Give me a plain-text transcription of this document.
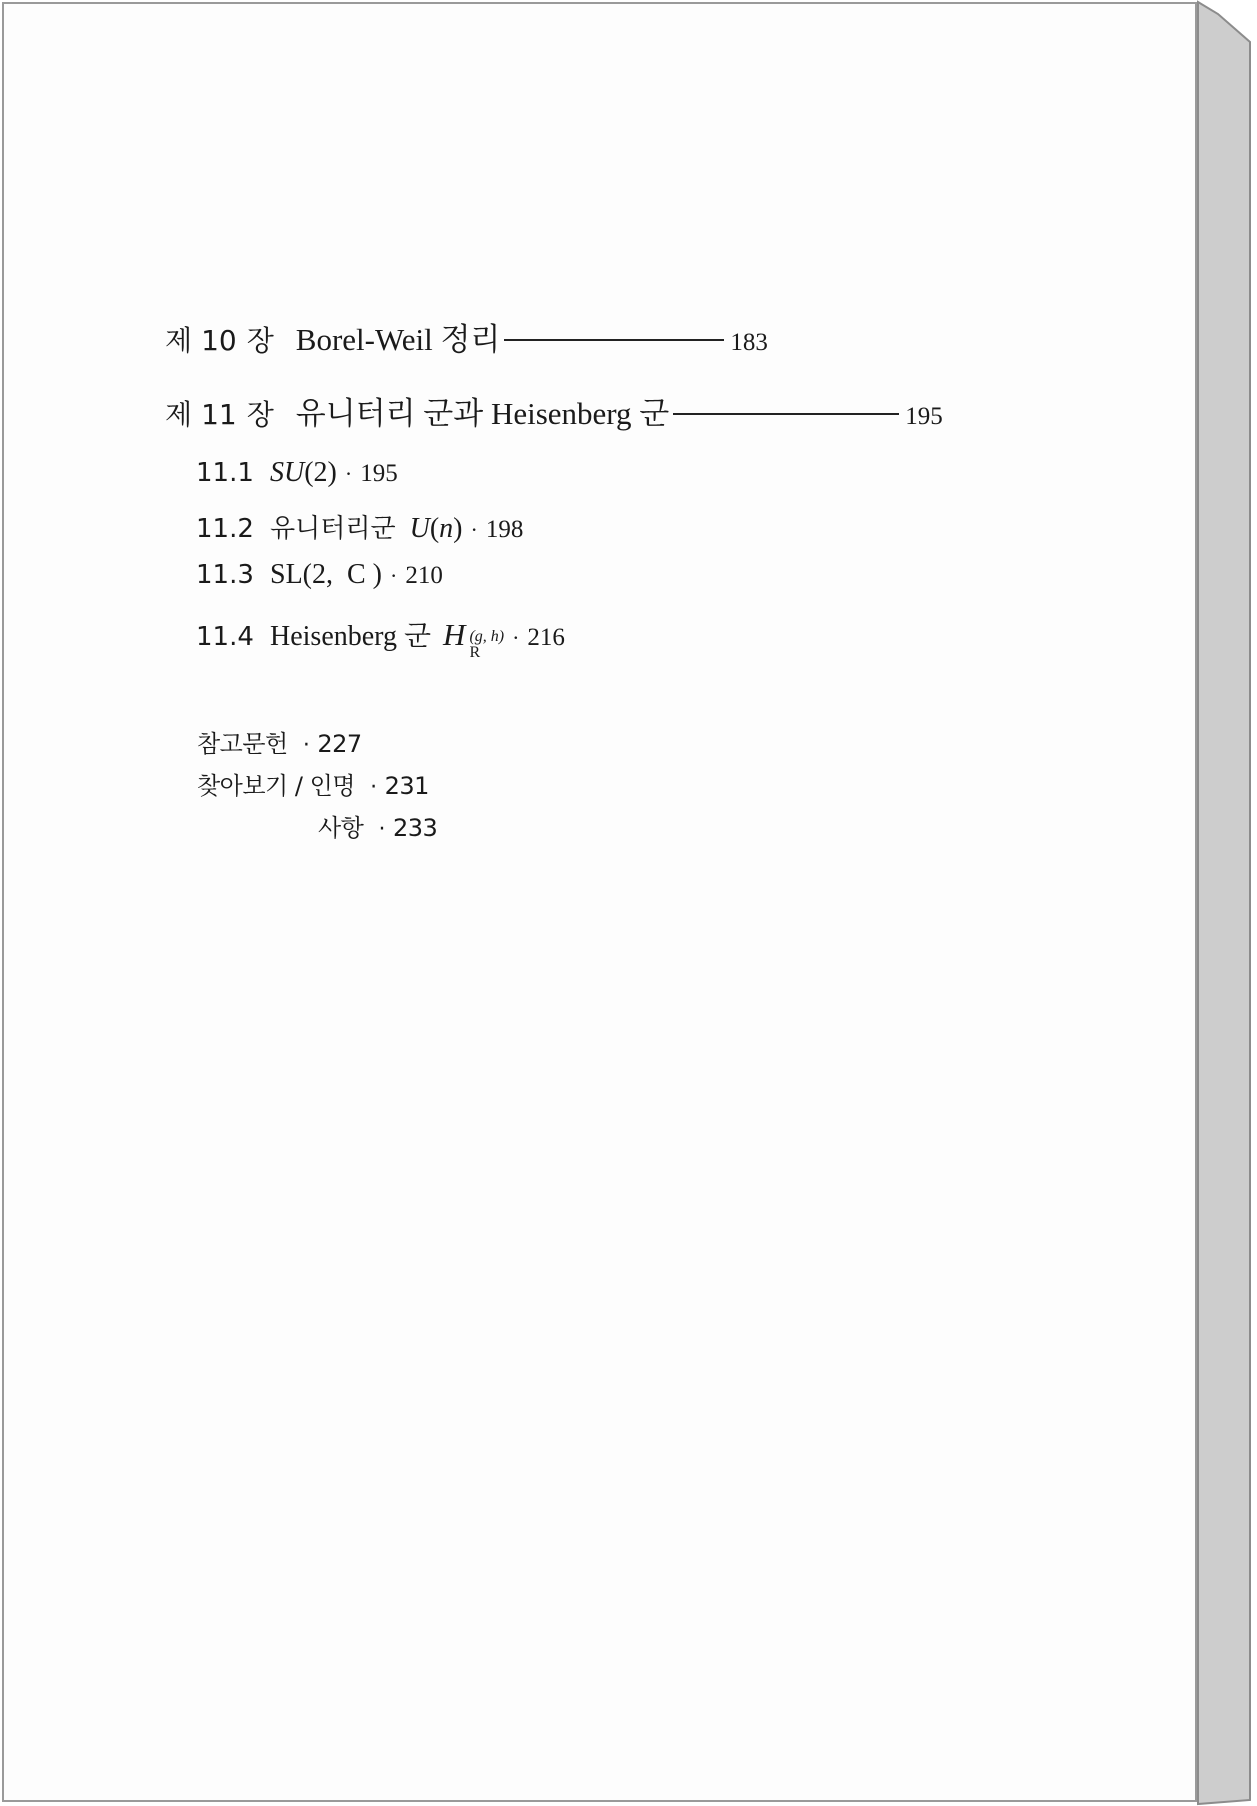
제 10 장 Borel-Weil 정리	183
제 11 장 유니터리 군과 Heisenberg 군	195
11.1 SU(2) · 195
11.2 유니터리군 U(n) · 198
11.3 SL(2,  C ) · 210
11.4 Heisenberg 군 H (g, h)
R
· 216
참고문헌 · 227
찾아보기 / 인명 · 231
사항 · 233
